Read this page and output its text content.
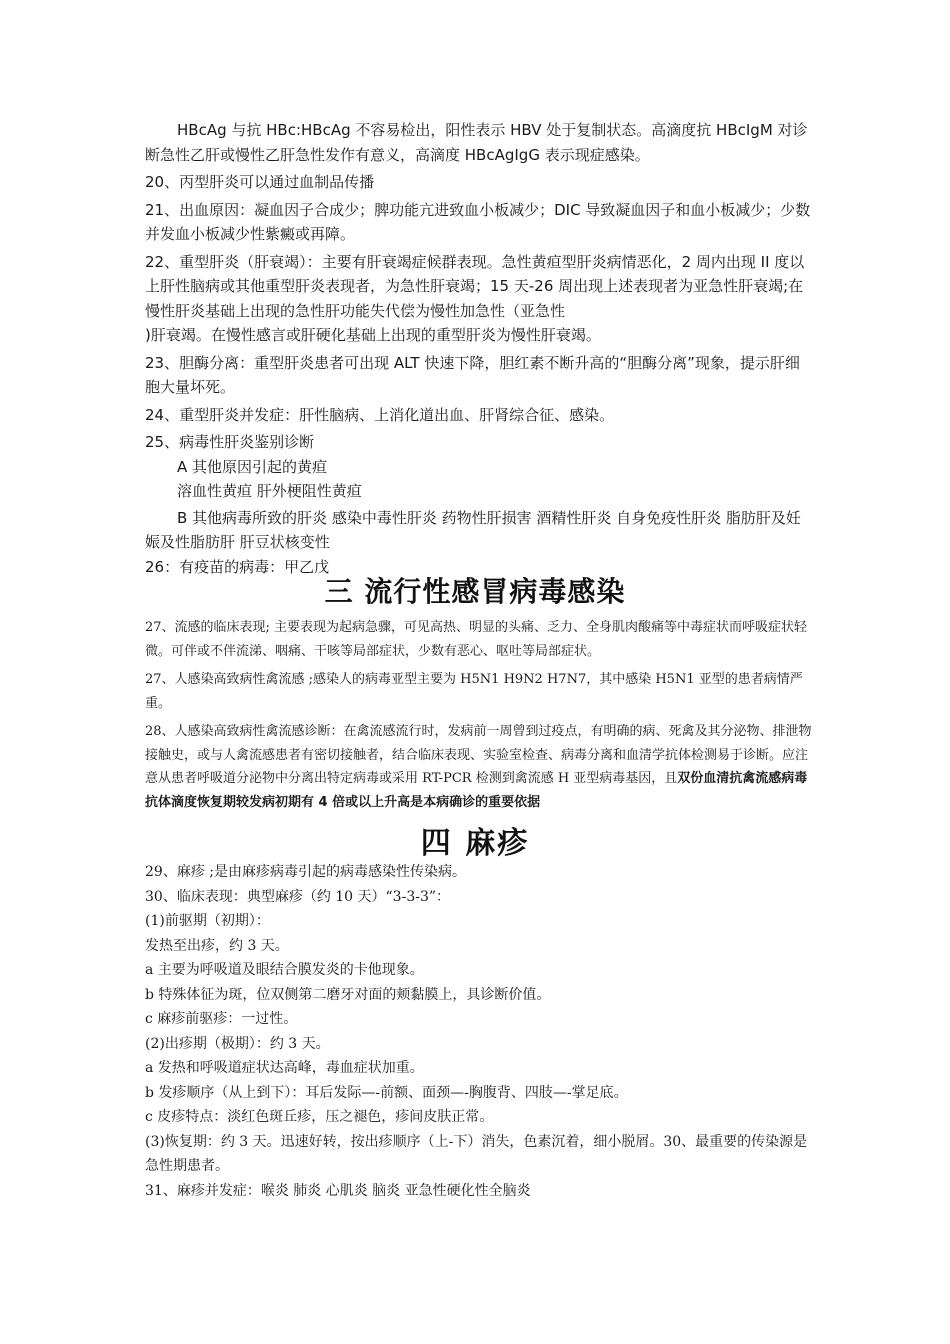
HBcAg 与抗 HBc:HBcAg 不容易检出，阳性表示 HBV 处于复制状态。高滴度抗 HBcIgM 对诊断急性乙肝或慢性乙肝急性发作有意义，高滴度 HBcAgIgG 表示现症感染。

20、丙型肝炎可以通过血制品传播

21、出血原因：凝血因子合成少；脾功能亢进致血小板减少；DIC 导致凝血因子和血小板减少；少数并发血小板减少性紫癜或再障。

22、重型肝炎（肝衰竭）：主要有肝衰竭症候群表现。急性黄疸型肝炎病情恶化，2 周内出现 II 度以上肝性脑病或其他重型肝炎表现者，为急性肝衰竭；15 天-26 周出现上述表现者为亚急性肝衰竭;在慢性肝炎基础上出现的急性肝功能失代偿为慢性加急性（亚急性

)肝衰竭。在慢性感言或肝硬化基础上出现的重型肝炎为慢性肝衰竭。

23、胆酶分离：重型肝炎患者可出现 ALT 快速下降，胆红素不断升高的“胆酶分离”现象，提示肝细胞大量坏死。

24、重型肝炎并发症：肝性脑病、上消化道出血、肝肾综合征、感染。

25、病毒性肝炎鉴别诊断

A 其他原因引起的黄疸

溶血性黄疸 肝外梗阻性黄疸

B 其他病毒所致的肝炎 感染中毒性肝炎 药物性肝损害 酒精性肝炎 自身免疫性肝炎 脂肪肝及妊娠及性脂肪肝 肝豆状核变性

26：有疫苗的病毒：甲乙戊

三 流行性感冒病毒感染

27、流感的临床表现; 主要表现为起病急骤，可见高热、明显的头痛、乏力、全身肌肉酸痛等中毒症状而呼吸症状轻微。可伴或不伴流涕、咽痛、干咳等局部症状，少数有恶心、呕吐等局部症状。

27、人感染高致病性禽流感 ;感染人的病毒亚型主要为 H5N1 H9N2 H7N7，其中感染 H5N1 亚型的患者病情严重。

28、人感染高致病性禽流感诊断：在禽流感流行时，发病前一周曾到过疫点，有明确的病、死禽及其分泌物、排泄物接触史，或与人禽流感患者有密切接触者，结合临床表现、实验室检查、病毒分离和血清学抗体检测易于诊断。应注意从患者呼吸道分泌物中分离出特定病毒或采用 RT-PCR 检测到禽流感 H 亚型病毒基因，且双份血清抗禽流感病毒抗体滴度恢复期较发病初期有 4 倍或以上升高是本病确诊的重要依据

四 麻疹

29、麻疹 ;是由麻疹病毒引起的病毒感染性传染病。

30、临床表现：典型麻疹（约 10 天）“3-3-3”：

(1)前驱期（初期）：

发热至出疹，约 3 天。

a 主要为呼吸道及眼结合膜发炎的卡他现象。

b 特殊体征为斑，位双侧第二磨牙对面的颊黏膜上，具诊断价值。

c 麻疹前驱疹：一过性。

(2)出疹期（极期）：约 3 天。

a 发热和呼吸道症状达高峰，毒血症状加重。

b 发疹顺序（从上到下）：耳后发际—-前额、面颈—-胸腹背、四肢—-掌足底。

c 皮疹特点：淡红色斑丘疹，压之褪色，疹间皮肤正常。

(3)恢复期：约 3 天。迅速好转，按出疹顺序（上-下）消失，色素沉着，细小脱屑。30、最重要的传染源是急性期患者。

31、麻疹并发症：喉炎 肺炎 心肌炎 脑炎 亚急性硬化性全脑炎
